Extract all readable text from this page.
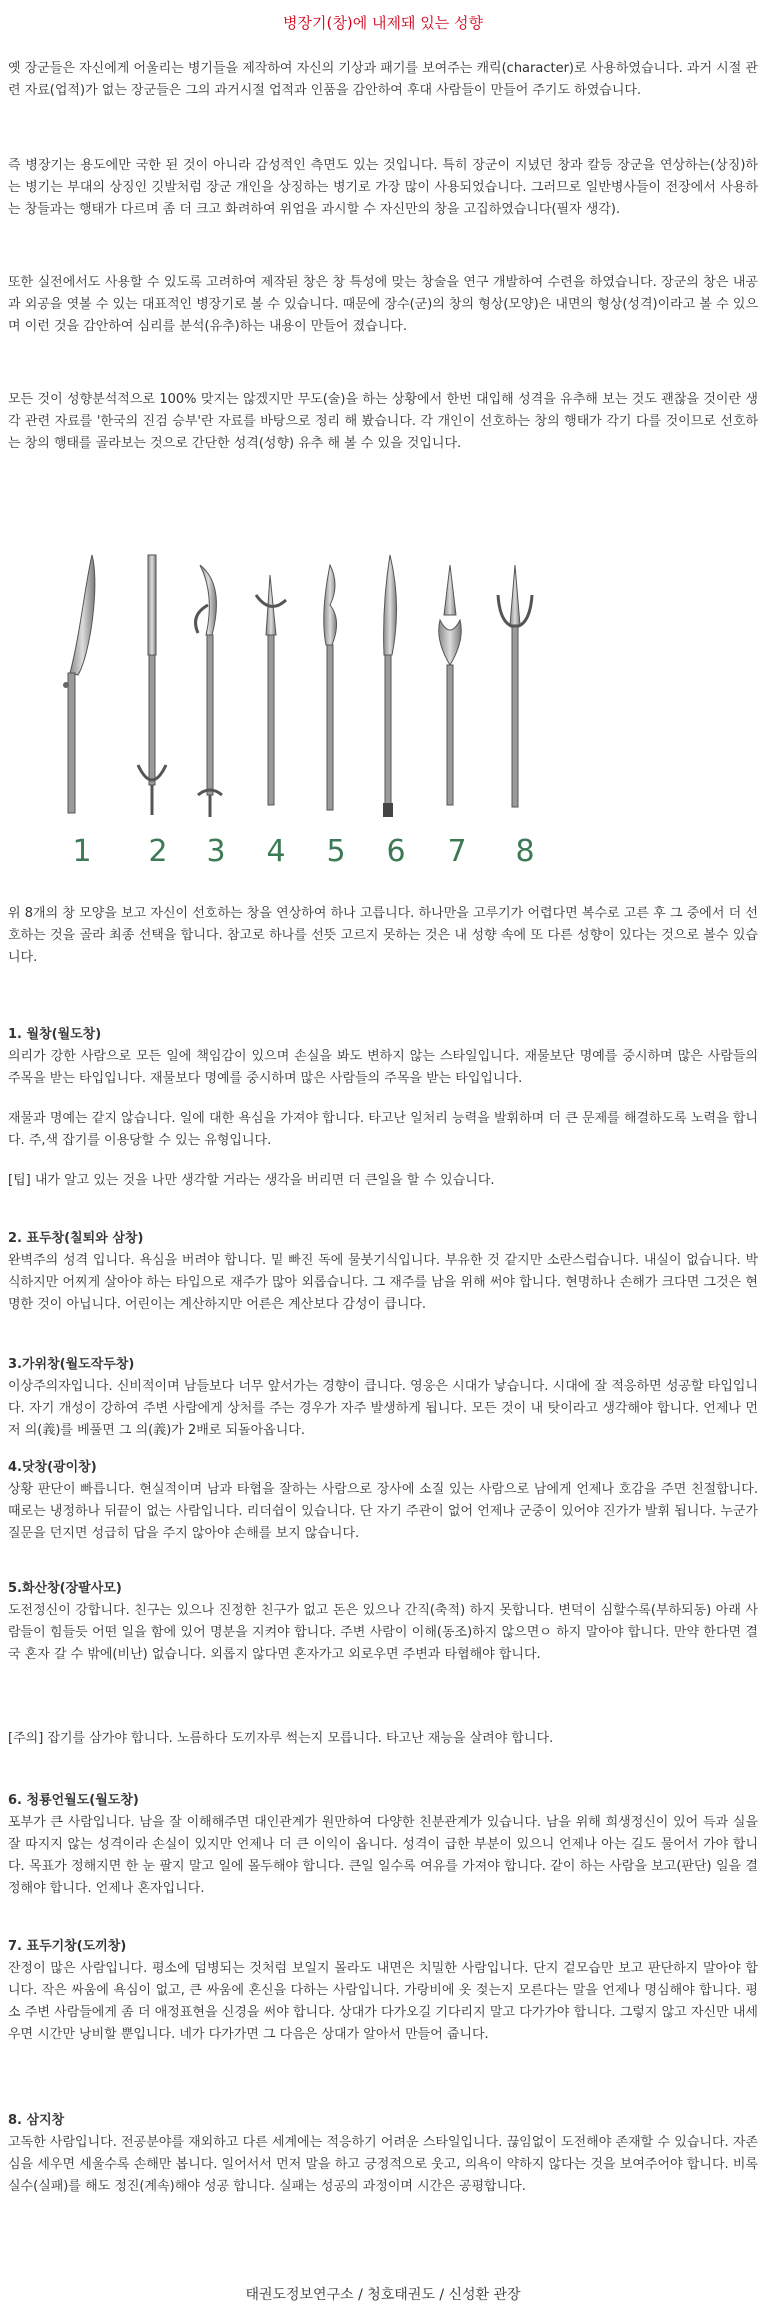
병장기(창)에 내제돼 있는 성향

옛 장군들은 자신에게 어울리는 병기들을 제작하여 자신의 기상과 패기를 보여주는 캐릭(character)로 사용하였습니다. 과거 시절 관련 자료(업적)가 없는 장군들은 그의 과거시절 업적과 인품을 감안하여 후대 사람들이 만들어 주기도 하였습니다.

즉 병장기는 용도에만 국한 된 것이 아니라 감성적인 측면도 있는 것입니다. 특히 장군이 지녔던 창과 칼등 장군을 연상하는(상징)하는 병기는 부대의 상징인 깃발처럼 장군 개인을 상징하는 병기로 가장 많이 사용되었습니다. 그러므로 일반병사들이 전장에서 사용하는 창들과는 행태가 다르며 좀 더 크고 화려하여 위엄을 과시할 수 자신만의 창을 고집하였습니다(필자 생각).

또한 실전에서도 사용할 수 있도록 고려하여 제작된 창은 창 특성에 맞는 창술을 연구 개발하여 수련을 하였습니다. 장군의 창은 내공과 외공을 엿볼 수 있는 대표적인 병장기로 볼 수 있습니다. 때문에 장수(군)의 창의 형상(모양)은 내면의 형상(성격)이라고 볼 수 있으며 이런 것을 감안하여 심리를 분석(유추)하는 내용이 만들어 졌습니다.

모든 것이 성향분석적으로 100% 맞지는 않겠지만 무도(술)을 하는 상황에서 한번 대입해 성격을 유추해 보는 것도 괜찮을 것이란 생각 관련 자료를 '한국의 진검 승부'란 자료를 바탕으로 정리 해 봤습니다. 각 개인이 선호하는 창의 행태가 각기 다를 것이므로 선호하는 창의 행태를 골라보는 것으로 간단한 성격(성향) 유추 해 볼 수 있을 것입니다.

1	2	3	4	5	6	7	8

위 8개의 창 모양을 보고 자신이 선호하는 창을 연상하여 하나 고릅니다. 하나만을 고루기가 어렵다면 복수로 고른 후 그 중에서 더 선호하는 것을 골라 최종 선택을 합니다. 참고로 하나를 선뜻 고르지 못하는 것은 내 성향 속에 또 다른 성향이 있다는 것으로 볼수 있습니다.

1. 월창(월도창)

의리가 강한 사람으로 모든 일에 책임감이 있으며 손실을 봐도 변하지 않는 스타일입니다. 재물보단 명예를 중시하며 많은 사람들의 주목을 받는 타입입니다. 재물보다 명예를 중시하며 많은 사람들의 주목을 받는 타입입니다.

재물과 명예는 같지 않습니다. 일에 대한 욕심을 가져야 합니다. 타고난 일처리 능력을 발휘하며 더 큰 문제를 해결하도록 노력을 합니다. 주,색 잡기를 이용당할 수 있는 유형입니다.

[팁] 내가 알고 있는 것을 나만 생각할 거라는 생각을 버리면 더 큰일을 할 수 있습니다.

2. 표두창(칠퇴와 삼창)

완벽주의 성격 입니다. 욕심을 버려야 합니다. 밑 빠진 독에 물붓기식입니다. 부유한 것 같지만 소란스럽습니다. 내실이 없습니다. 박식하지만 어찌게 살아야 하는 타입으로 재주가 많아 외롭습니다. 그 재주를 남을 위해 써야 합니다. 현명하나 손해가 크다면 그것은 현명한 것이 아닙니다. 어린이는 계산하지만 어른은 계산보다 감성이 큽니다.

3.가위창(월도작두창)

이상주의자입니다. 신비적이며 남들보다 너무 앞서가는 경향이 큽니다. 영웅은 시대가 낳습니다. 시대에 잘 적응하면 성공할 타입입니다. 자기 개성이 강하여 주변 사람에게 상처를 주는 경우가 자주 발생하게 됩니다. 모든 것이 내 탓이라고 생각해야 합니다. 언제나 먼저 의(義)를 베풀면 그 의(義)가 2배로 되돌아옵니다.

4.닷창(광이창)

상황 판단이 빠릅니다. 현실적이며 남과 타협을 잘하는 사람으로 장사에 소질 있는 사람으로 남에게 언제나 호감을 주면 친절합니다. 때로는 냉정하나 뒤끝이 없는 사람입니다. 리더쉽이 있습니다. 단 자기 주관이 없어 언제나 군중이 있어야 진가가 발휘 됩니다. 누군가 질문을 던지면 성급히 답을 주지 않아야 손해를 보지 않습니다.

5.화산창(장팔사모)

도전정신이 강합니다. 친구는 있으나 진정한 친구가 없고 돈은 있으나 간직(축적) 하지 못합니다. 변덕이 심할수록(부하되동) 아래 사람들이 힘들듯 어떤 일을 함에 있어 명분을 지켜야 합니다. 주변 사람이 이해(동조)하지 않으면ㅇ 하지 말아야 합니다. 만약 한다면 결국 혼자 갈 수 밖에(비난) 없습니다. 외롭지 않다면 혼자가고 외로우면 주변과 타협해야 합니다.

[주의] 잡기를 삼가야 합니다. 노름하다 도끼자루 썩는지 모릅니다. 타고난 재능을 살려야 합니다.

6. 청룡언월도(월도창)

포부가 큰 사람입니다. 남을 잘 이해해주면 대인관계가 원만하여 다양한 친분관계가 있습니다. 남을 위해 희생정신이 있어 득과 실을 잘 따지지 않는 성격이라 손실이 있지만 언제나 더 큰 이익이 옵니다. 성격이 급한 부분이 있으니 언제나 아는 길도 물어서 가야 합니다. 목표가 정해지면 한 눈 팔지 말고 일에 몰두해야 합니다. 큰일 일수록 여유를 가져야 합니다. 같이 하는 사람을 보고(판단) 일을 결정해야 합니다. 언제나 혼자입니다.

7. 표두기창(도끼창)

잔정이 많은 사람입니다. 평소에 덤병되는 것처럼 보일지 몰라도 내면은 치밀한 사람입니다. 단지 겉모습만 보고 판단하지 말아야 합니다. 작은 싸움에 욕심이 없고, 큰 싸움에 혼신을 다하는 사람입니다. 가랑비에 옷 젖는지 모른다는 말을 언제나 명심해야 합니다. 평소 주변 사람들에게 좀 더 애정표현을 신경을 써야 합니다. 상대가 다가오길 기다리지 말고 다가가야 합니다. 그렇지 않고 자신만 내세우면 시간만 낭비할 뿐입니다. 네가 다가가면 그 다음은 상대가 알아서 만들어 줍니다.

8. 삼지창

고독한 사람입니다. 전공분야를 재외하고 다른 세계에는 적응하기 어려운 스타일입니다. 끊임없이 도전해야 존재할 수 있습니다. 자존심을 세우면 세울수록 손해만 봅니다. 일어서서 먼저 말을 하고 긍정적으로 웃고, 의욕이 약하지 않다는 것을 보여주어야 합니다. 비록 실수(실패)를 해도 정진(계속)해야 성공 합니다. 실패는 성공의 과정이며 시간은 공평합니다.

태권도정보연구소 / 청호태권도 / 신성환 관장
